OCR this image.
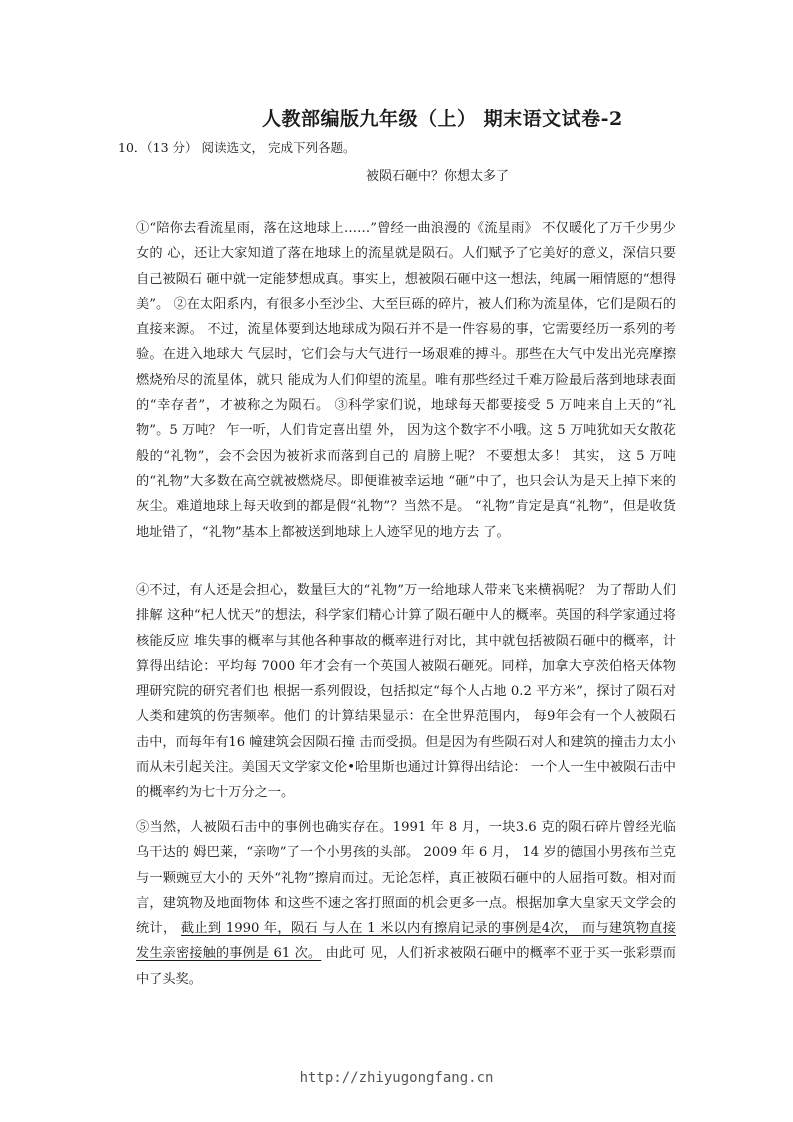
人教部编版九年级（上） 期末语文试卷-2
10．（13 分） 阅读选文， 完成下列各题。
被陨石砸中？你想太多了
①“陪你去看流星雨，落在这地球上……”曾经一曲浪漫的《流星雨》 不仅暖化了万千少男少女的 心，还让大家知道了落在地球上的流星就是陨石。人们赋予了它美好的意义，深信只要自己被陨石 砸中就一定能梦想成真。事实上，想被陨石砸中这一想法，纯属一厢情愿的“想得美”。 ②在太阳系内，有很多小至沙尘、大至巨砾的碎片，被人们称为流星体，它们是陨石的直接来源。 不过，流星体要到达地球成为陨石并不是一件容易的事，它需要经历一系列的考验。在进入地球大 气层时，它们会与大气进行一场艰难的搏斗。那些在大气中发出光亮摩擦燃烧殆尽的流星体，就只 能成为人们仰望的流星。唯有那些经过千难万险最后落到地球表面的“幸存者”，才被称之为陨石。 ③科学家们说，地球每天都要接受 5 万吨来自上天的“礼物”。5 万吨？ 乍一听，人们肯定喜出望 外， 因为这个数字不小哦。这 5 万吨犹如天女散花般的“礼物”，会不会因为被祈求而落到自己的 肩膀上呢？ 不要想太多！ 其实， 这 5 万吨的“礼物”大多数在高空就被燃烧尽。即便谁被幸运地 “砸”中了，也只会认为是天上掉下来的灰尘。难道地球上每天收到的都是假“礼物”？当然不是。 “礼物”肯定是真“礼物”，但是收货地址错了，“礼物”基本上都被送到地球上人迹罕见的地方去 了。
④不过，有人还是会担心，数量巨大的“礼物”万一给地球人带来飞来横祸呢？ 为了帮助人们排解 这种“杞人忧天”的想法，科学家们精心计算了陨石砸中人的概率。英国的科学家通过将核能反应 堆失事的概率与其他各种事故的概率进行对比，其中就包括被陨石砸中的概率，计算得出结论：平均每 7000 年才会有一个英国人被陨石砸死。同样，加拿大亨茨伯格天体物理研究院的研究者们也 根据一系列假设，包括拟定“每个人占地 0.2 平方米”，探讨了陨石对人类和建筑的伤害频率。他们 的计算结果显示：在全世界范围内， 每9年会有一个人被陨石击中，而每年有16 幢建筑会因陨石撞 击而受损。但是因为有些陨石对人和建筑的撞击力太小而从未引起关注。美国天文学家文伦•哈里斯也通过计算得出结论： 一个人一生中被陨石击中的概率约为七十万分之一。
⑤当然，人被陨石击中的事例也确实存在。1991 年 8 月，一块3.6 克的陨石碎片曾经光临乌干达的 姆巴莱，“亲吻”了一个小男孩的头部。 2009 年 6 月， 14 岁的德国小男孩布兰克与一颗豌豆大小的 天外“礼物”擦肩而过。无论怎样，真正被陨石砸中的人屈指可数。相对而言，建筑物及地面物体 和这些不速之客打照面的机会更多一点。根据加拿大皇家天文学会的统计， 截止到 1990 年，陨石 与人在 1 米以内有擦肩记录的事例是4次， 而与建筑物直接发生亲密接触的事例是 61 次。 由此可 见，人们祈求被陨石砸中的概率不亚于买一张彩票而中了头奖。
http://zhiyugongfang.cn
